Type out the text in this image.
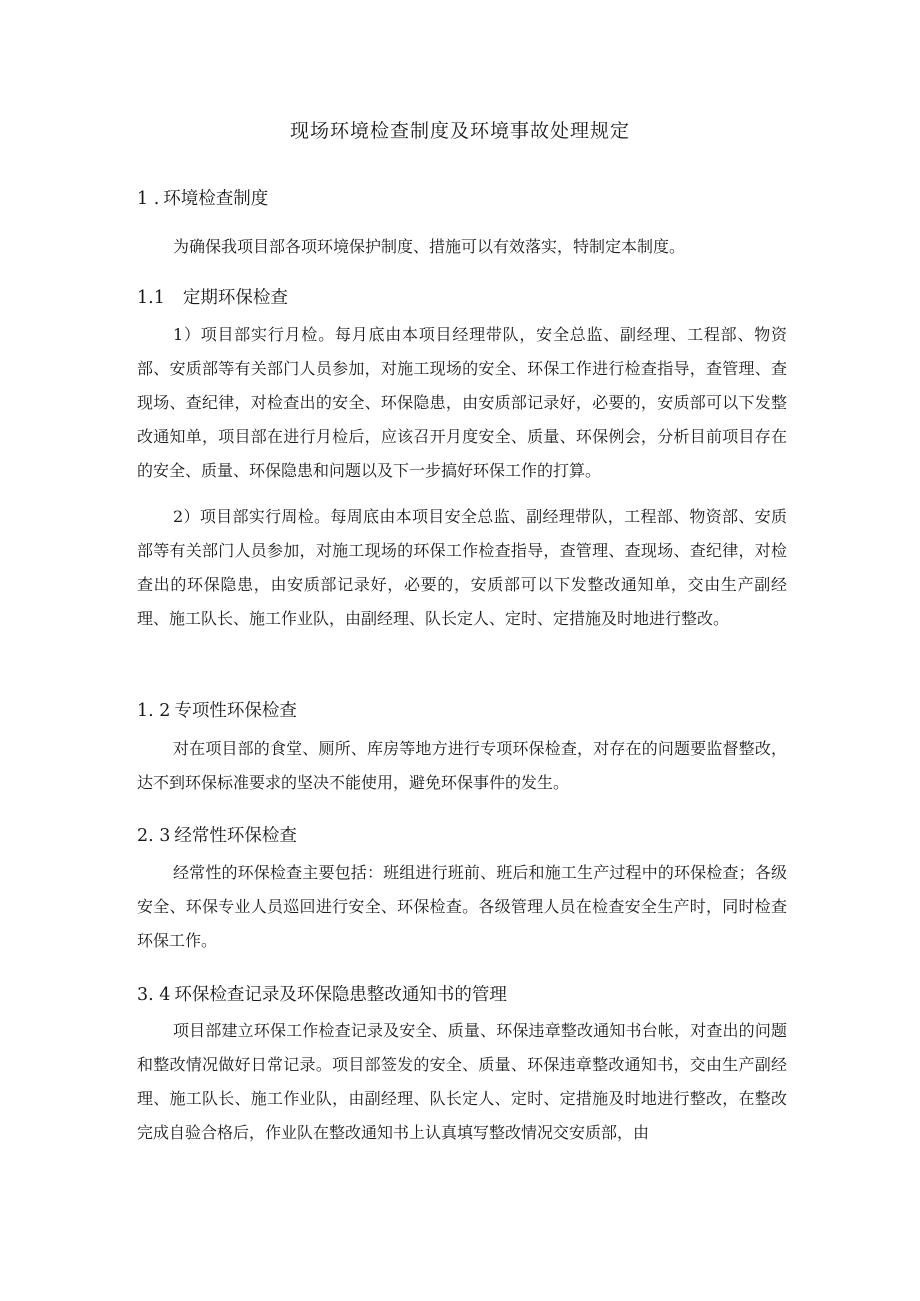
现场环境检查制度及环境事故处理规定
1 . 环境检查制度

为确保我项目部各项环境保护制度、措施可以有效落实，特制定本制度。

1.1 定期环保检查

1）项目部实行月检。每月底由本项目经理带队，安全总监、副经理、工程部、物资部、安质部等有关部门人员参加，对施工现场的安全、环保工作进行检查指导，查管理、查现场、查纪律，对检查出的安全、环保隐患，由安质部记录好，必要的，安质部可以下发整改通知单，项目部在进行月检后，应该召开月度安全、质量、环保例会，分析目前项目存在的安全、质量、环保隐患和问题以及下一步搞好环保工作的打算。

2）项目部实行周检。每周底由本项目安全总监、副经理带队，工程部、物资部、安质部等有关部门人员参加，对施工现场的环保工作检查指导，查管理、查现场、查纪律，对检查出的环保隐患，由安质部记录好，必要的，安质部可以下发整改通知单，交由生产副经理、施工队长、施工作业队，由副经理、队长定人、定时、定措施及时地进行整改。

1. 2 专项性环保检查

对在项目部的食堂、厕所、库房等地方进行专项环保检查，对存在的问题要监督整改，达不到环保标准要求的坚决不能使用，避免环保事件的发生。

2. 3 经常性环保检查

经常性的环保检查主要包括：班组进行班前、班后和施工生产过程中的环保检查；各级安全、环保专业人员巡回进行安全、环保检查。各级管理人员在检查安全生产时，同时检查环保工作。

3. 4 环保检查记录及环保隐患整改通知书的管理

项目部建立环保工作检查记录及安全、质量、环保违章整改通知书台帐，对查出的问题和整改情况做好日常记录。项目部签发的安全、质量、环保违章整改通知书，交由生产副经理、施工队长、施工作业队，由副经理、队长定人、定时、定措施及时地进行整改，在整改完成自验合格后，作业队在整改通知书上认真填写整改情况交安质部，由
